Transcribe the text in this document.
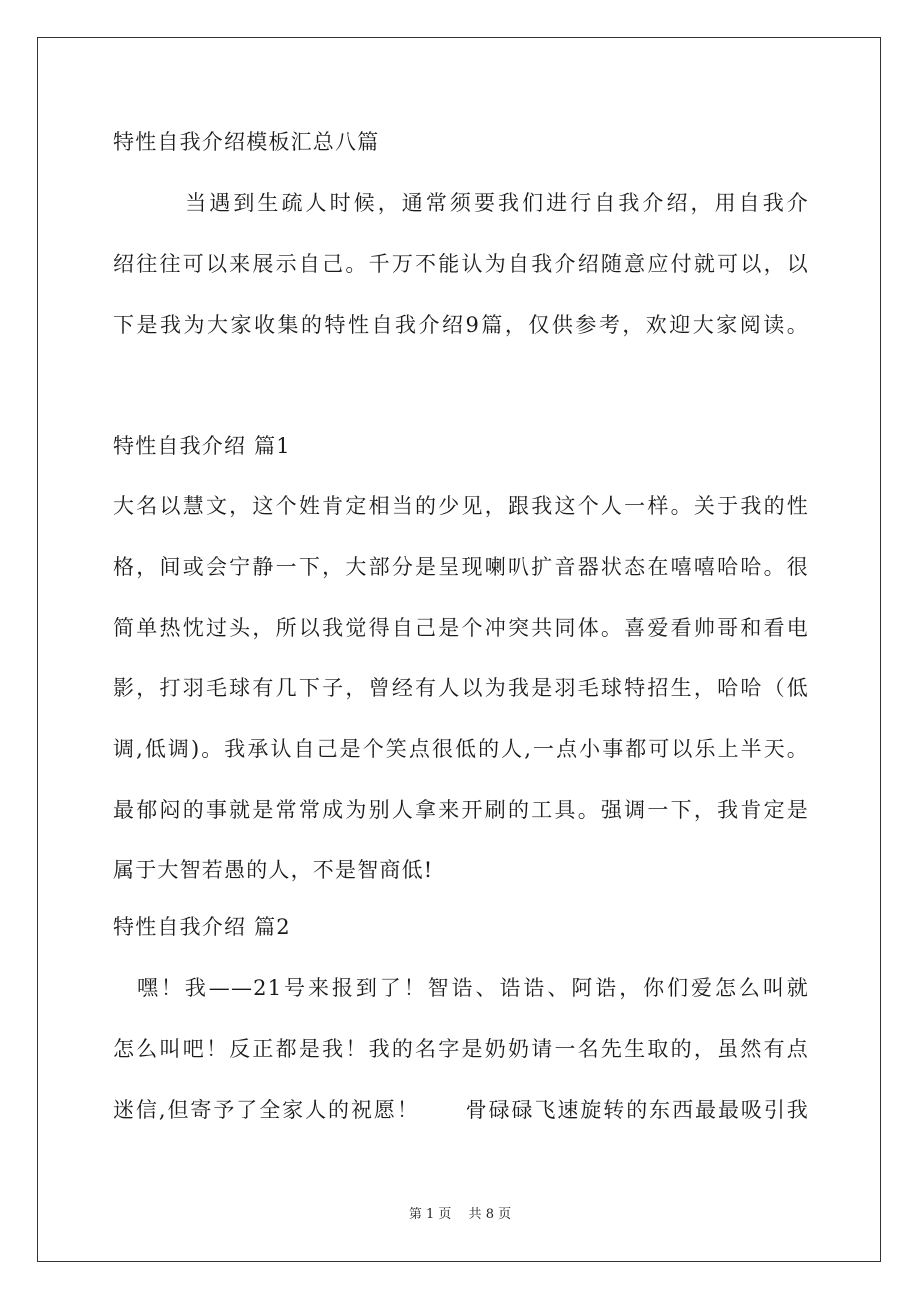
特性自我介绍模板汇总八篇
　　　当遇到生疏人时候，通常须要我们进行自我介绍，用自我介
绍往往可以来展示自己。千万不能认为自我介绍随意应付就可以，以
下是我为大家收集的特性自我介绍9篇，仅供参考，欢迎大家阅读。
特性自我介绍 篇1
大名以慧文，这个姓肯定相当的少见，跟我这个人一样。关于我的性
格，间或会宁静一下，大部分是呈现喇叭扩音器状态在嘻嘻哈哈。很
简单热忱过头，所以我觉得自己是个冲突共同体。喜爱看帅哥和看电
影，打羽毛球有几下子，曾经有人以为我是羽毛球特招生，哈哈（低
调,低调)。我承认自己是个笑点很低的人,一点小事都可以乐上半天。
最郁闷的事就是常常成为别人拿来开刷的工具。强调一下，我肯定是
属于大智若愚的人，不是智商低!
特性自我介绍 篇2
　嘿！我——21号来报到了！智诰、诰诰、阿诰，你们爱怎么叫就
怎么叫吧！反正都是我！我的名字是奶奶请一名先生取的，虽然有点
迷信,但寄予了全家人的祝愿！　　骨碌碌飞速旋转的东西最最吸引我
第 1 页　 共 8 页
